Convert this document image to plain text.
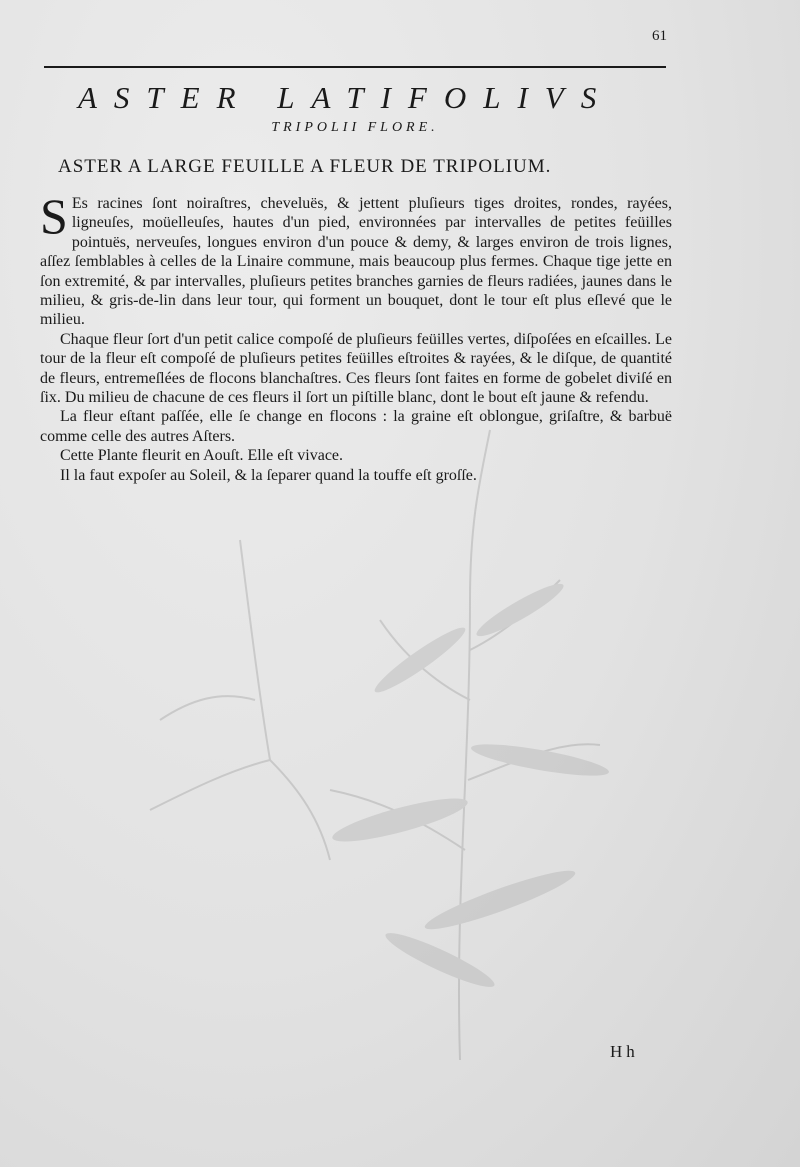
61
ASTER LATIFOLIVS
TRIPOLII FLORE.
ASTER A LARGE FEUILLE A FLEUR DE TRIPOLIUM.

S Es racines ſont noiraſtres, cheveluës, & jettent pluſieurs tiges droites, rondes, rayées, ligneuſes, moüelleuſes, hautes d'un pied, environnées par intervalles de petites feüilles pointuës, nerveuſes, longues environ d'un pouce & demy, & larges environ de trois lignes, aſſez ſemblables à celles de la Linaire commune, mais beaucoup plus fermes. Chaque tige jette en ſon extremité, & par intervalles, pluſieurs petites branches garnies de fleurs radiées, jaunes dans le milieu, & gris-de-lin dans leur tour, qui forment un bouquet, dont le tour eſt plus eſlevé que le milieu.

Chaque fleur ſort d'un petit calice compoſé de pluſieurs feüilles vertes, diſpoſées en eſcailles. Le tour de la fleur eſt compoſé de pluſieurs petites feüilles eſtroites & rayées, & le diſque, de quantité de fleurs, entremeſlées de flocons blanchaſtres. Ces fleurs ſont faites en forme de gobelet diviſé en ſix. Du milieu de chacune de ces fleurs il ſort un piſtille blanc, dont le bout eſt jaune & refendu.

La fleur eſtant paſſée, elle ſe change en flocons : la graine eſt oblongue, griſaſtre, & barbuë comme celle des autres Aſters.

Cette Plante fleurit en Aouſt. Elle eſt vivace.

Il la faut expoſer au Soleil, & la ſeparer quand la touffe eſt groſſe.

Hh
